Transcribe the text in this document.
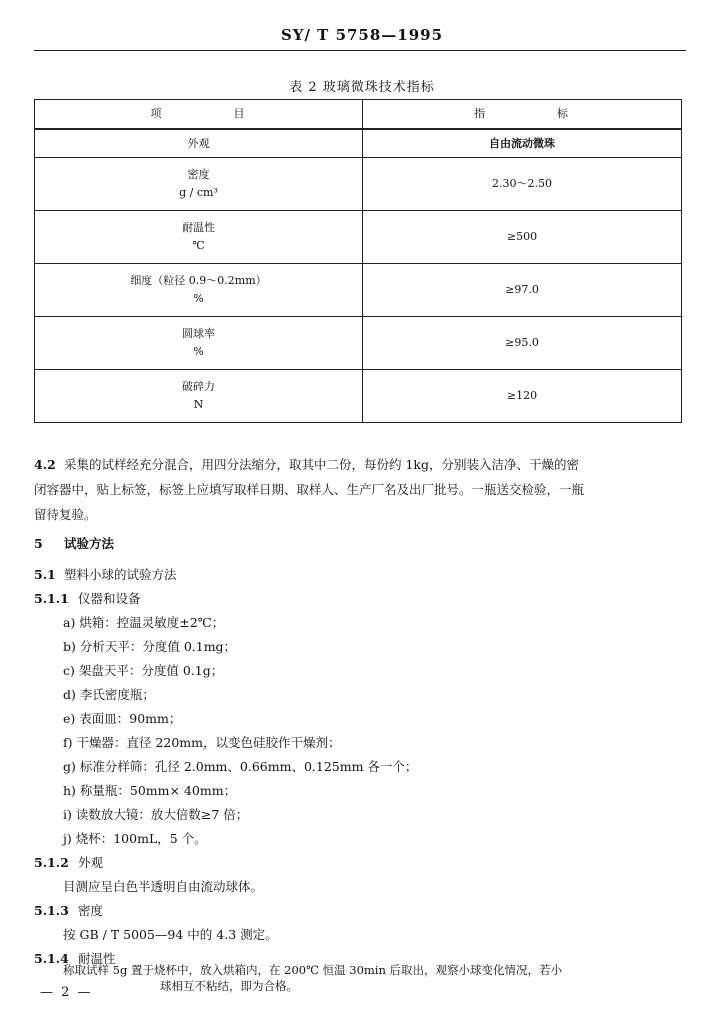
SY/ T 5758—1995
表 2 玻璃微珠技术指标
项 目	指 标
外观	自由流动微珠

密度
g / cm³	2.30～2.50

耐温性
℃	≥500

细度（粒径 0.9～0.2mm）
%	≥97.0

圆球率
%	≥95.0

破碎力
N	≥120
4.2 采集的试样经充分混合，用四分法缩分，取其中二份，每份约 1kg，分别装入洁净、干燥的密
闭容器中，贴上标签，标签上应填写取样日期、取样人、生产厂名及出厂批号。一瓶送交检验，一瓶
留待复验。
5 试验方法
5.1 塑料小球的试验方法
5.1.1 仪器和设备
a) 烘箱：控温灵敏度±2℃；
b) 分析天平：分度值 0.1mg；
c) 架盘天平：分度值 0.1g；
d) 李氏密度瓶；
e) 表面皿：90mm；
f) 干燥器：直径 220mm，以变色硅胶作干燥剂；
g) 标准分样筛：孔径 2.0mm、0.66mm、0.125mm 各一个；
h) 称量瓶：50mm× 40mm；
i) 读数放大镜：放大倍数≥7 倍；
j) 烧杯：100mL，5 个。
5.1.2 外观
目测应呈白色半透明自由流动球体。
5.1.3 密度
按 GB / T 5005—94 中的 4.3 测定。
5.1.4 耐温性
称取试样 5g 置于烧杯中，放入烘箱内，在 200℃ 恒温 30min 后取出，观察小球变化情况，若小
球相互不粘结，即为合格。
— 2 —
